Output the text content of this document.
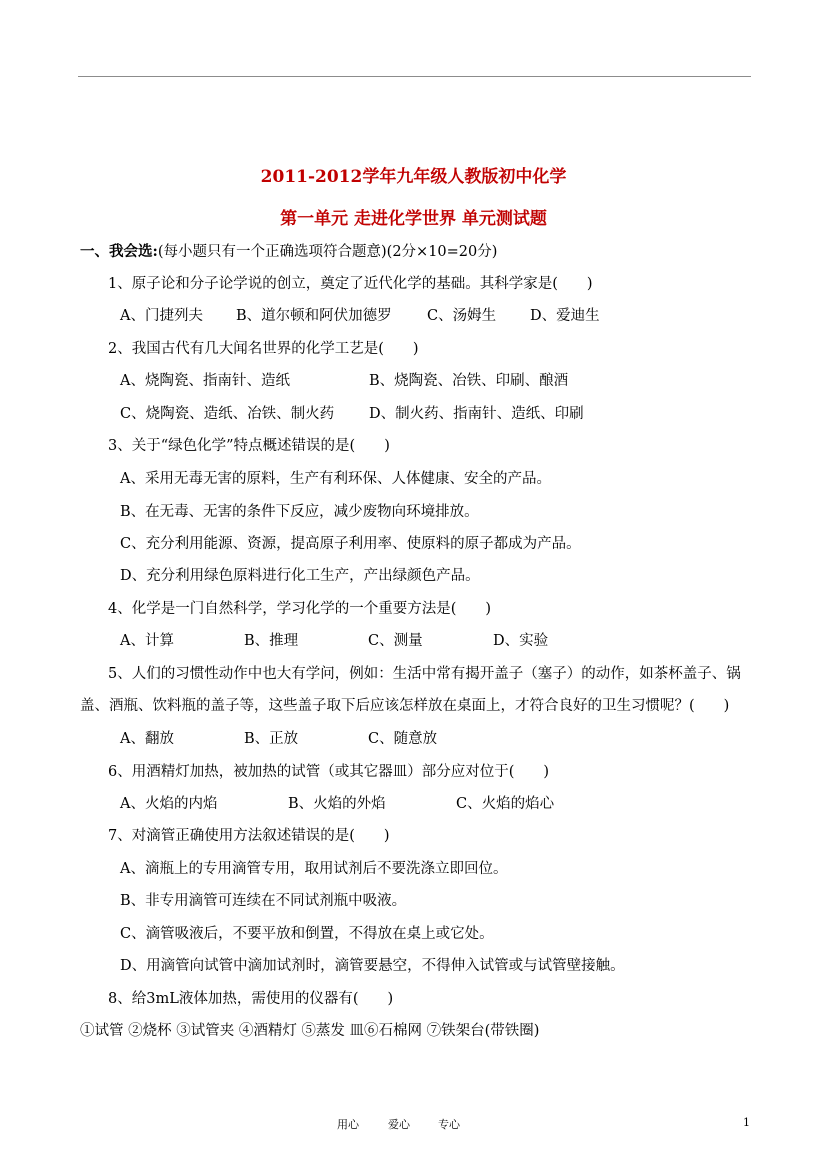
2011-2012学年九年级人教版初中化学
第一单元 走进化学世界 单元测试题
一、我会选:(每小题只有一个正确选项符合题意)(2分×10=20分)
1、原子论和分子论学说的创立，奠定了近代化学的基础。其科学家是(　　)
A、门捷列夫 B、道尔顿和阿伏加德罗 C、汤姆生 D、爱迪生
2、我国古代有几大闻名世界的化学工艺是(　　)
A、烧陶瓷、指南针、造纸	B、烧陶瓷、冶铁、印刷、酿酒
C、烧陶瓷、造纸、冶铁、制火药 D、制火药、指南针、造纸、印刷
3、关于“绿色化学”特点概述错误的是(　　)
A、采用无毒无害的原料，生产有利环保、人体健康、安全的产品。
B、在无毒、无害的条件下反应，减少废物向环境排放。
C、充分利用能源、资源，提高原子利用率、使原料的原子都成为产品。
D、充分利用绿色原料进行化工生产，产出绿颜色产品。
4、化学是一门自然科学，学习化学的一个重要方法是(　　)
A、计算	B、推理	C、测量	D、实验
5、人们的习惯性动作中也大有学问，例如：生活中常有揭开盖子（塞子）的动作，如茶杯盖子、锅
盖、酒瓶、饮料瓶的盖子等，这些盖子取下后应该怎样放在桌面上，才符合良好的卫生习惯呢？(　　)
A、翻放	B、正放	C、随意放
6、用酒精灯加热，被加热的试管（或其它器皿）部分应对位于(　　)
A、火焰的内焰	B、火焰的外焰	C、火焰的焰心
7、对滴管正确使用方法叙述错误的是(　　)
A、滴瓶上的专用滴管专用，取用试剂后不要洗涤立即回位。
B、非专用滴管可连续在不同试剂瓶中吸液。
C、滴管吸液后，不要平放和倒置，不得放在桌上或它处。
D、用滴管向试管中滴加试剂时，滴管要悬空，不得伸入试管或与试管壁接触。
8、给3mL液体加热，需使用的仪器有(　　)
①试管 ②烧杯 ③试管夹 ④酒精灯 ⑤蒸发 皿⑥石棉网 ⑦铁架台(带铁圈)
用心	爱心	专心	1
